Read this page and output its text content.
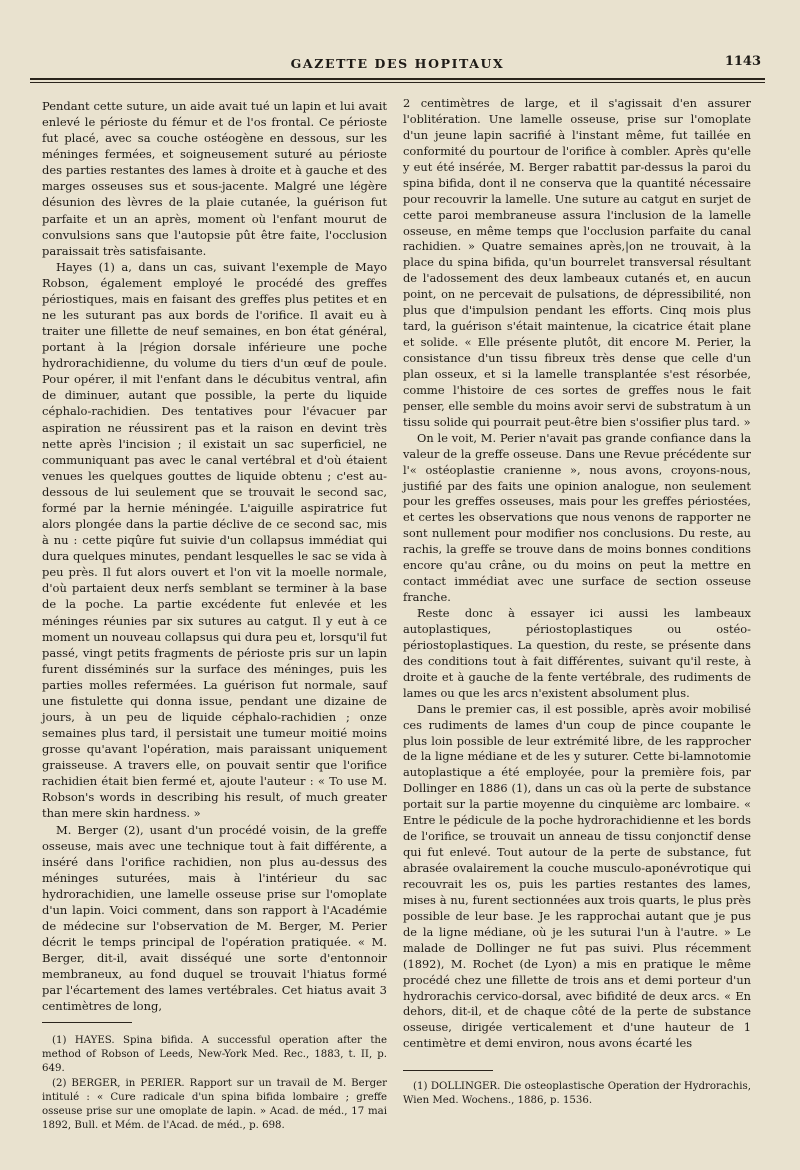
GAZETTE DES HOPITAUX	1143

Pendant cette suture, un aide avait tué un lapin et lui avait enlevé le périoste du fémur et de l'os frontal. Ce périoste fut placé, avec sa couche ostéogène en dessous, sur les méninges fermées, et soigneusement suturé au périoste des parties restantes des lames à droite et à gauche et des marges osseuses sus et sous-jacente. Malgré une légère désunion des lèvres de la plaie cutanée, la guérison fut parfaite et un an après, moment où l'enfant mourut de convulsions sans que l'autopsie pût être faite, l'occlusion paraissait très satisfaisante.

Hayes (1) a, dans un cas, suivant l'exemple de Mayo Robson, également employé le procédé des greffes périostiques, mais en faisant des greffes plus petites et en ne les suturant pas aux bords de l'orifice. Il avait eu à traiter une fillette de neuf semaines, en bon état général, portant à la |région dorsale inférieure une poche hydrorachidienne, du volume du tiers d'un œuf de poule. Pour opérer, il mit l'enfant dans le décubitus ventral, afin de diminuer, autant que possible, la perte du liquide céphalo-rachidien. Des tentatives pour l'évacuer par aspiration ne réussirent pas et la raison en devint très nette après l'incision ; il existait un sac superficiel, ne communiquant pas avec le canal vertébral et d'où étaient venues les quelques gouttes de liquide obtenu ; c'est au-dessous de lui seulement que se trouvait le second sac, formé par la hernie méningée. L'aiguille aspiratrice fut alors plongée dans la partie déclive de ce second sac, mis à nu : cette piqûre fut suivie d'un collapsus immédiat qui dura quelques minutes, pendant lesquelles le sac se vida à peu près. Il fut alors ouvert et l'on vit la moelle normale, d'où partaient deux nerfs semblant se terminer à la base de la poche. La partie excédente fut enlevée et les méninges réunies par six sutures au catgut. Il y eut à ce moment un nouveau collapsus qui dura peu et, lorsqu'il fut passé, vingt petits fragments de périoste pris sur un lapin furent disséminés sur la surface des méninges, puis les parties molles refermées. La guérison fut normale, sauf une fistulette qui donna issue, pendant une dizaine de jours, à un peu de liquide céphalo-rachidien ; onze semaines plus tard, il persistait une tumeur moitié moins grosse qu'avant l'opération, mais paraissant uniquement graisseuse. A travers elle, on pouvait sentir que l'orifice rachidien était bien fermé et, ajoute l'auteur : « To use M. Robson's words in describing his result, of much greater than mere skin hardness. »

M. Berger (2), usant d'un procédé voisin, de la greffe osseuse, mais avec une technique tout à fait différente, a inséré dans l'orifice rachidien, non plus au-dessus des méninges suturées, mais à l'intérieur du sac hydrorachidien, une lamelle osseuse prise sur l'omoplate d'un lapin. Voici comment, dans son rapport à l'Académie de médecine sur l'observation de M. Berger, M. Perier décrit le temps principal de l'opération pratiquée. « M. Berger, dit-il, avait disséqué une sorte d'entonnoir membraneux, au fond duquel se trouvait l'hiatus formé par l'écartement des lames vertébrales. Cet hiatus avait 3 centimètres de long,

2 centimètres de large, et il s'agissait d'en assurer l'oblitération. Une lamelle osseuse, prise sur l'omoplate d'un jeune lapin sacrifié à l'instant même, fut taillée en conformité du pourtour de l'orifice à combler. Après qu'elle y eut été insérée, M. Berger rabattit par-dessus la paroi du spina bifida, dont il ne conserva que la quantité nécessaire pour recouvrir la lamelle. Une suture au catgut en surjet de cette paroi membraneuse assura l'inclusion de la lamelle osseuse, en même temps que l'occlusion parfaite du canal rachidien. » Quatre semaines après,|on ne trouvait, à la place du spina bifida, qu'un bourrelet transversal résultant de l'adossement des deux lambeaux cutanés et, en aucun point, on ne percevait de pulsations, de dépressibilité, non plus que d'impulsion pendant les efforts. Cinq mois plus tard, la guérison s'était maintenue, la cicatrice était plane et solide. « Elle présente plutôt, dit encore M. Perier, la consistance d'un tissu fibreux très dense que celle d'un plan osseux, et si la lamelle transplantée s'est résorbée, comme l'histoire de ces sortes de greffes nous le fait penser, elle semble du moins avoir servi de substratum à un tissu solide qui pourrait peut-être bien s'ossifier plus tard. »

On le voit, M. Perier n'avait pas grande confiance dans la valeur de la greffe osseuse. Dans une Revue précédente sur l'« ostéoplastie cranienne », nous avons, croyons-nous, justifié par des faits une opinion analogue, non seulement pour les greffes osseuses, mais pour les greffes périostées, et certes les observations que nous venons de rapporter ne sont nullement pour modifier nos conclusions. Du reste, au rachis, la greffe se trouve dans de moins bonnes conditions encore qu'au crâne, ou du moins on peut la mettre en contact immédiat avec une surface de section osseuse franche.

Reste donc à essayer ici aussi les lambeaux autoplastiques, périostoplastiques ou ostéo-périostoplastiques. La question, du reste, se présente dans des conditions tout à fait différentes, suivant qu'il reste, à droite et à gauche de la fente vertébrale, des rudiments de lames ou que les arcs n'existent absolument plus.

Dans le premier cas, il est possible, après avoir mobilisé ces rudiments de lames d'un coup de pince coupante le plus loin possible de leur extrémité libre, de les rapprocher de la ligne médiane et de les y suturer. Cette bi-lamnotomie autoplastique a été employée, pour la première fois, par Dollinger en 1886 (1), dans un cas où la perte de substance portait sur la partie moyenne du cinquième arc lombaire. « Entre le pédicule de la poche hydrorachidienne et les bords de l'orifice, se trouvait un anneau de tissu conjonctif dense qui fut enlevé. Tout autour de la perte de substance, fut abrasée ovalairement la couche musculo-aponévrotique qui recouvrait les os, puis les parties restantes des lames, mises à nu, furent sectionnées aux trois quarts, le plus près possible de leur base. Je les rapprochai autant que je pus de la ligne médiane, où je les suturai l'un à l'autre. » Le malade de Dollinger ne fut pas suivi. Plus récemment (1892), M. Rochet (de Lyon) a mis en pratique le même procédé chez une fillette de trois ans et demi porteur d'un hydrorachis cervico-dorsal, avec bifidité de deux arcs. « En dehors, dit-il, et de chaque côté de la perte de substance osseuse, dirigée verticalement et d'une hauteur de 1 centimètre et demi environ, nous avons écarté les

(1) HAYES. Spina bifida. A successful operation after the method of Robson of Leeds, New-York Med. Rec., 1883, t. II, p. 649.

(2) BERGER, in PERIER. Rapport sur un travail de M. Berger intitulé : « Cure radicale d'un spina bifida lombaire ; greffe osseuse prise sur une omoplate de lapin. » Acad. de méd., 17 mai 1892, Bull. et Mém. de l'Acad. de méd., p. 698.

(1) DOLLINGER. Die osteoplastische Operation der Hydrorachis, Wien Med. Wochens., 1886, p. 1536.
